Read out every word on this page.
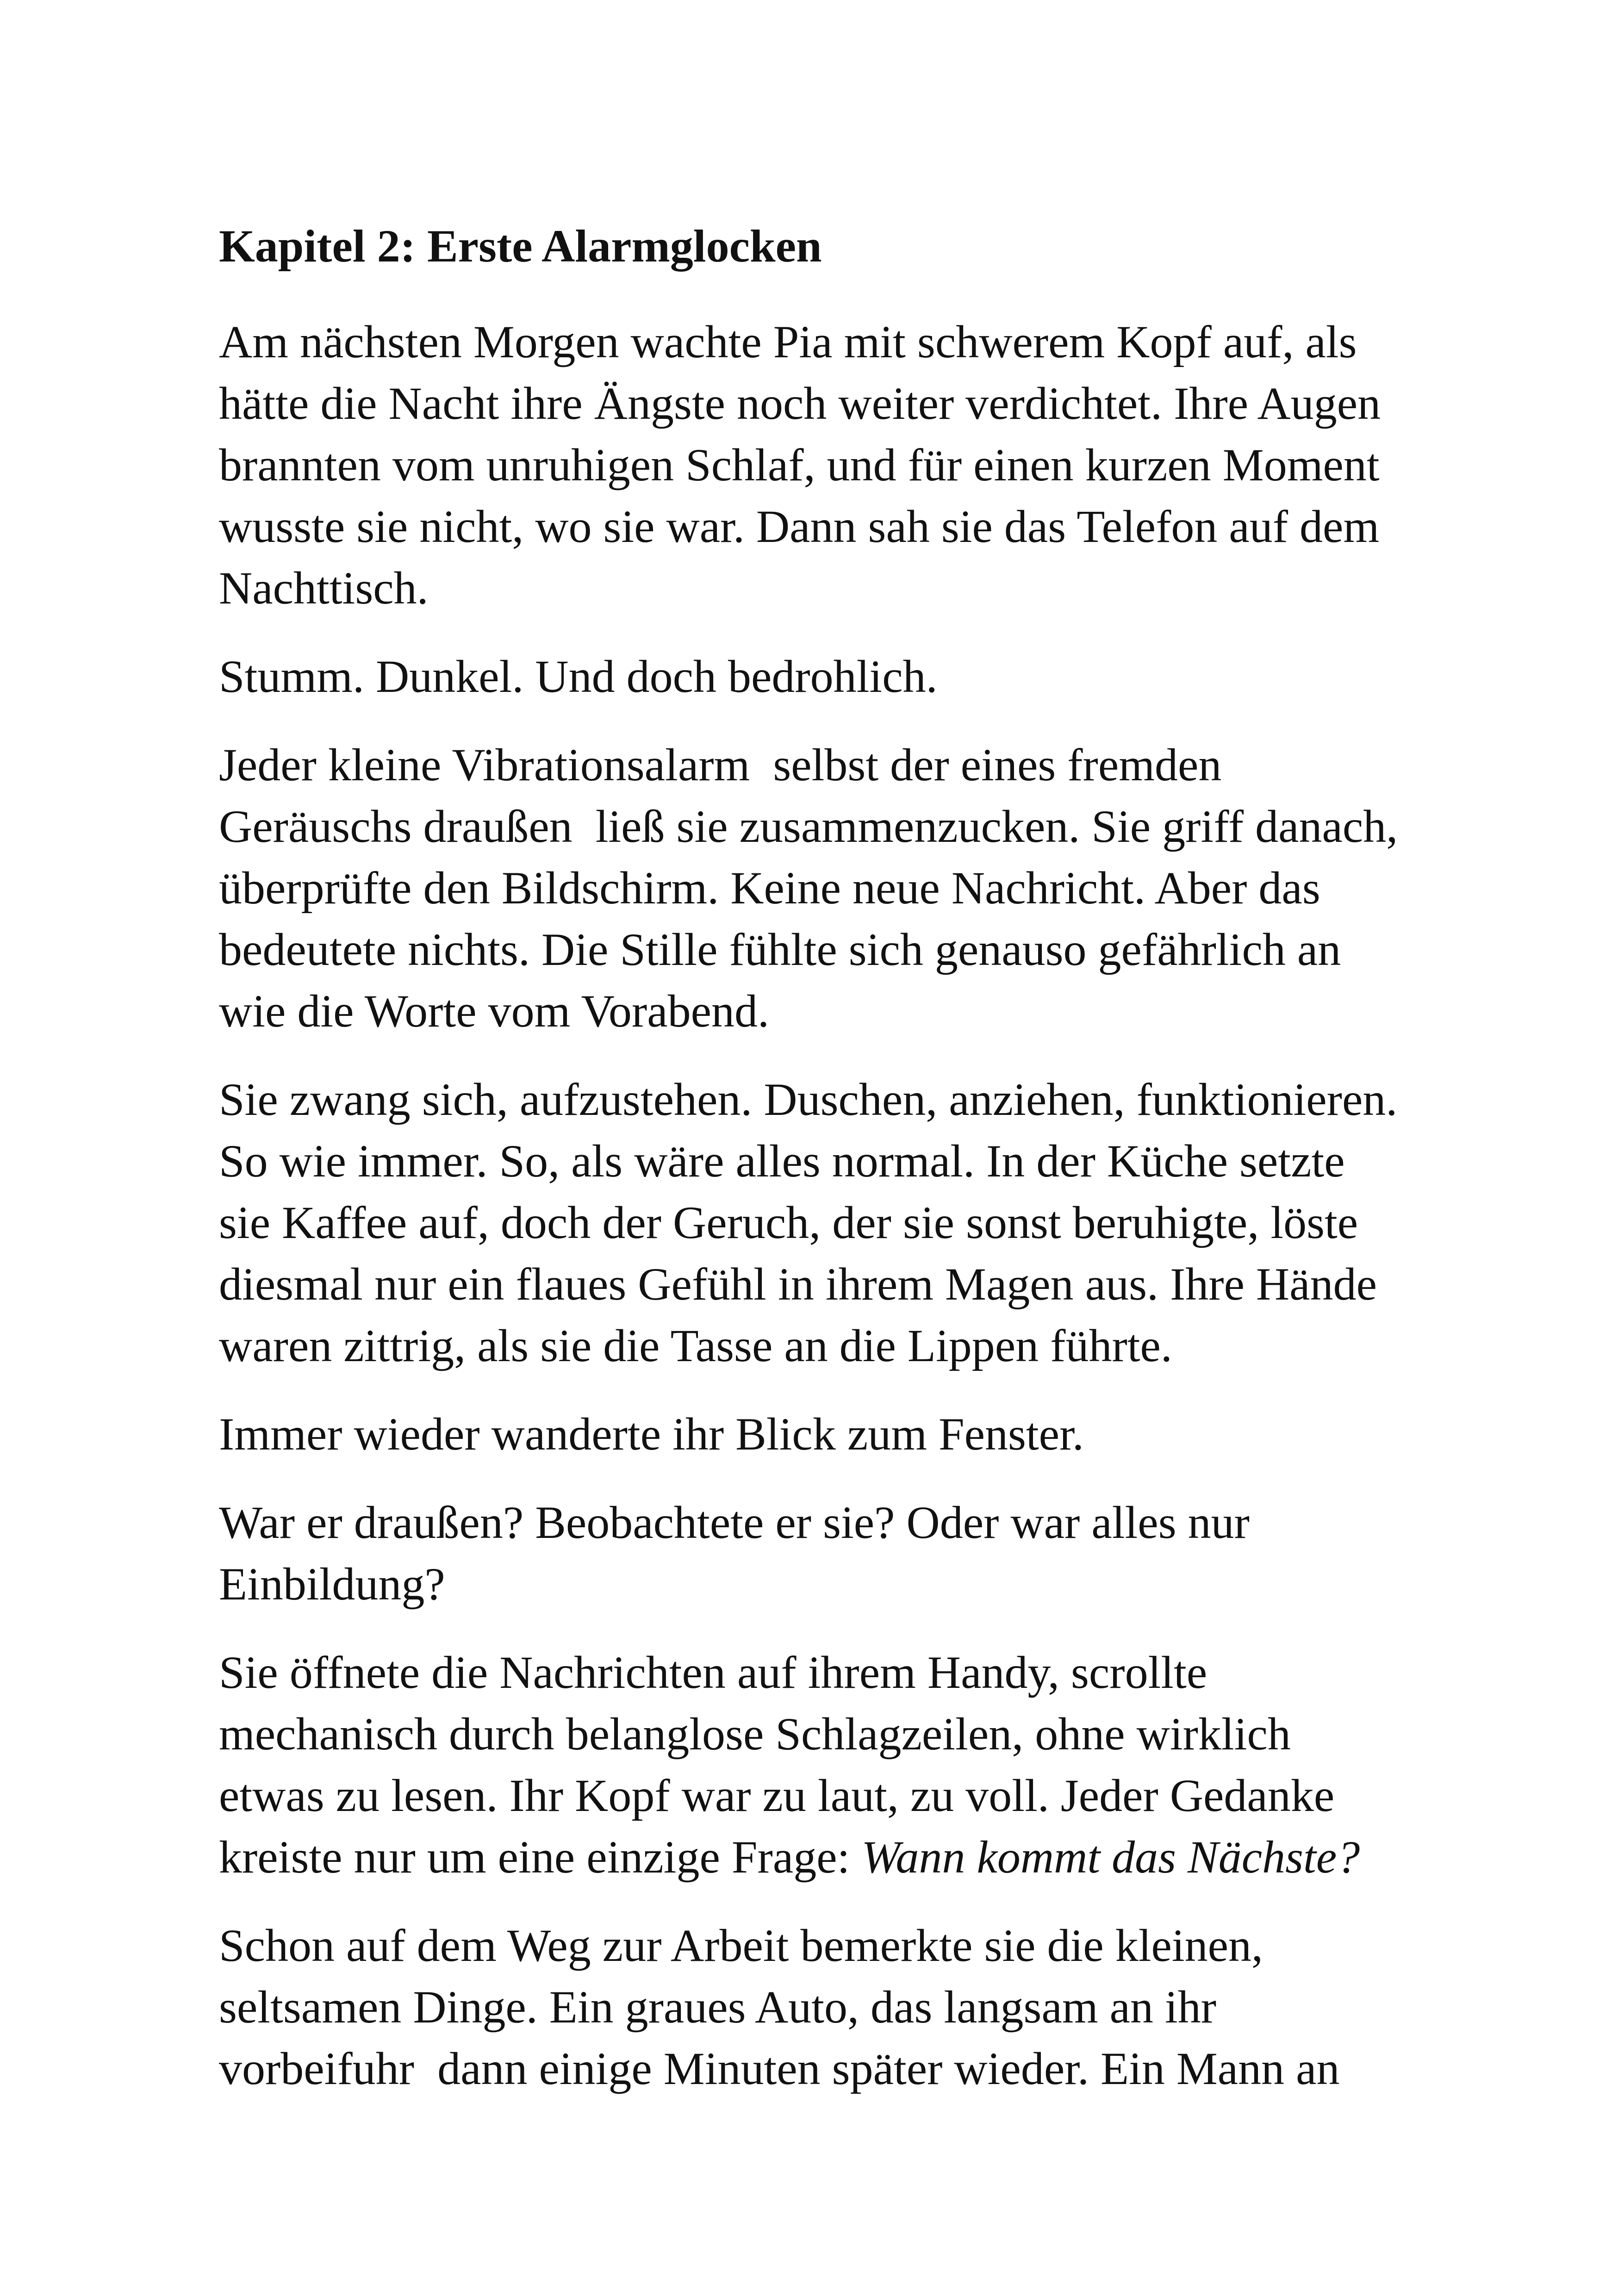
Kapitel 2: Erste Alarmglocken

Am nächsten Morgen wachte Pia mit schwerem Kopf auf, als
hätte die Nacht ihre Ängste noch weiter verdichtet. Ihre Augen
brannten vom unruhigen Schlaf, und für einen kurzen Moment
wusste sie nicht, wo sie war. Dann sah sie das Telefon auf dem
Nachttisch.

Stumm. Dunkel. Und doch bedrohlich.

Jeder kleine Vibrationsalarm  selbst der eines fremden
Geräuschs draußen  ließ sie zusammenzucken. Sie griff danach,
überprüfte den Bildschirm. Keine neue Nachricht. Aber das
bedeutete nichts. Die Stille fühlte sich genauso gefährlich an
wie die Worte vom Vorabend.

Sie zwang sich, aufzustehen. Duschen, anziehen, funktionieren.
So wie immer. So, als wäre alles normal. In der Küche setzte
sie Kaffee auf, doch der Geruch, der sie sonst beruhigte, löste
diesmal nur ein flaues Gefühl in ihrem Magen aus. Ihre Hände
waren zittrig, als sie die Tasse an die Lippen führte.

Immer wieder wanderte ihr Blick zum Fenster.

War er draußen? Beobachtete er sie? Oder war alles nur
Einbildung?

Sie öffnete die Nachrichten auf ihrem Handy, scrollte
mechanisch durch belanglose Schlagzeilen, ohne wirklich
etwas zu lesen. Ihr Kopf war zu laut, zu voll. Jeder Gedanke
kreiste nur um eine einzige Frage: Wann kommt das Nächste?

Schon auf dem Weg zur Arbeit bemerkte sie die kleinen,
seltsamen Dinge. Ein graues Auto, das langsam an ihr
vorbeifuhr  dann einige Minuten später wieder. Ein Mann an
